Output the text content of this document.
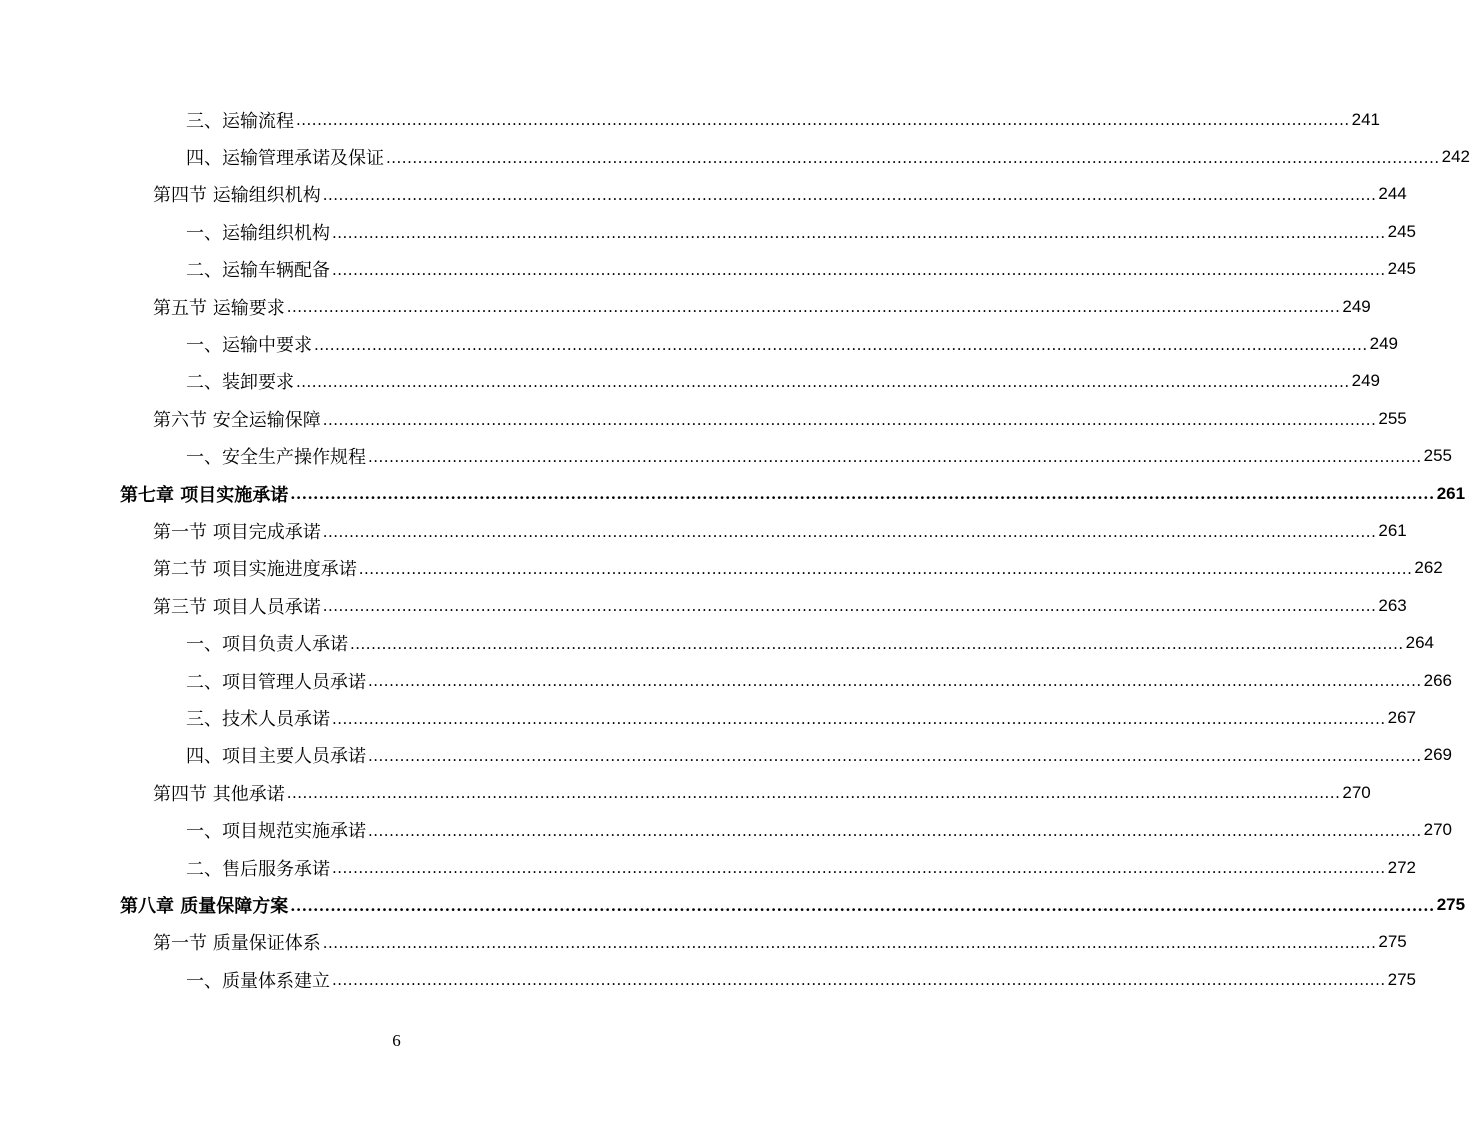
三、运输流程 ........................................................................................................................................................................................................ 241
四、运输管理承诺及保证 ........................................................................................................................................................................................................ 242
第四节 运输组织机构 ........................................................................................................................................................................................................ 244
一、运输组织机构 ........................................................................................................................................................................................................ 245
二、运输车辆配备 ........................................................................................................................................................................................................ 245
第五节 运输要求 ........................................................................................................................................................................................................ 249
一、运输中要求 ........................................................................................................................................................................................................ 249
二、装卸要求 ........................................................................................................................................................................................................ 249
第六节 安全运输保障 ........................................................................................................................................................................................................ 255
一、安全生产操作规程 ........................................................................................................................................................................................................ 255
第七章 项目实施承诺 ........................................................................................................................................................................................................ 261
第一节 项目完成承诺 ........................................................................................................................................................................................................ 261
第二节 项目实施进度承诺 ........................................................................................................................................................................................................ 262
第三节 项目人员承诺 ........................................................................................................................................................................................................ 263
一、项目负责人承诺 ........................................................................................................................................................................................................ 264
二、项目管理人员承诺 ........................................................................................................................................................................................................ 266
三、技术人员承诺 ........................................................................................................................................................................................................ 267
四、项目主要人员承诺 ........................................................................................................................................................................................................ 269
第四节 其他承诺 ........................................................................................................................................................................................................ 270
一、项目规范实施承诺 ........................................................................................................................................................................................................ 270
二、售后服务承诺 ........................................................................................................................................................................................................ 272
第八章 质量保障方案 ........................................................................................................................................................................................................ 275
第一节 质量保证体系 ........................................................................................................................................................................................................ 275
一、质量体系建立 ........................................................................................................................................................................................................ 275
6
